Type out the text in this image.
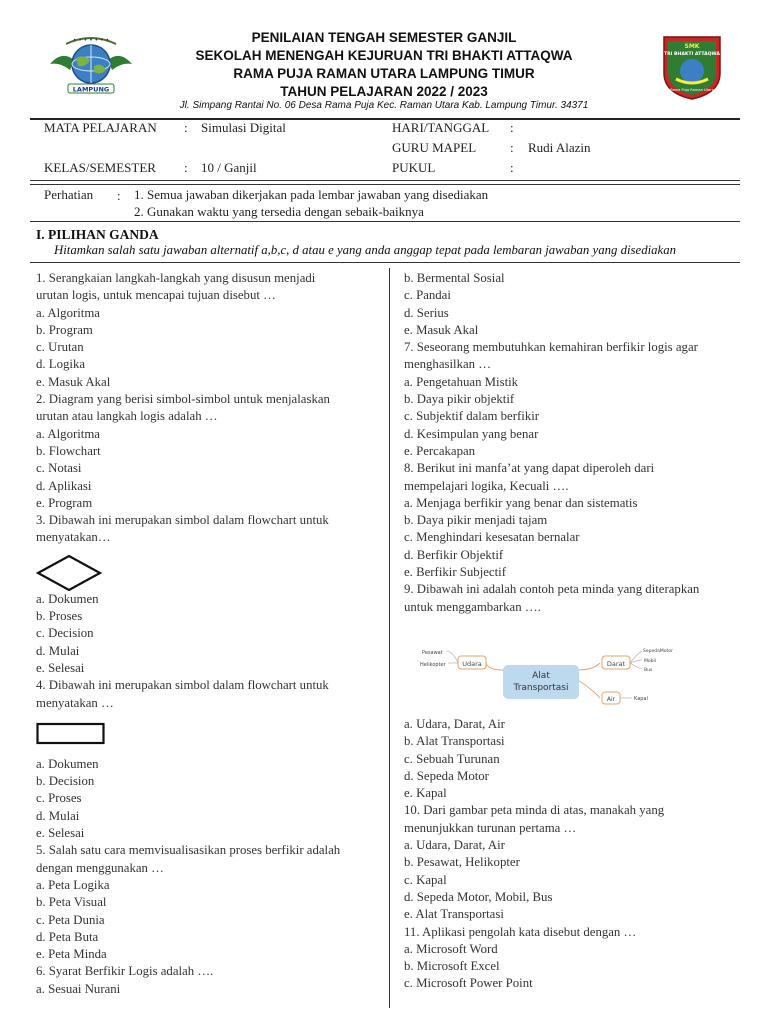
• • • • • • •
LAMPUNG
SMK
TRI BHAKTI ATTAQWA
Rama Puja Raman Utara
PENILAIAN TENGAH SEMESTER GANJIL
SEKOLAH MENENGAH KEJURUAN TRI BHAKTI ATTAQWA
RAMA PUJA RAMAN UTARA LAMPUNG TIMUR
TAHUN PELAJARAN 2022 / 2023
Jl. Simpang Rantai No. 06 Desa Rama Puja Kec. Raman Utara Kab. Lampung Timur. 34371
MATA PELAJARAN : Simulasi Digital	HARI/TANGGAL :
GURU MAPEL	: Rudi Alazin
KELAS/SEMESTER : 10 / Ganjil	PUKUL	:
Perhatian : 1. Semua jawaban dikerjakan pada lembar jawaban yang disediakan
2. Gunakan waktu yang tersedia dengan sebaik-baiknya
I. PILIHAN GANDA
Hitamkan salah satu jawaban alternatif a,b,c, d atau e yang anda anggap tepat pada lembaran jawaban yang disediakan
1. Serangkaian langkah-langkah yang disusun menjadi
urutan logis, untuk mencapai tujuan disebut …
a. Algoritma
b. Program
c. Urutan
d. Logika
e. Masuk Akal
2. Diagram yang berisi simbol-simbol untuk menjalaskan
urutan atau langkah logis adalah …
a. Algoritma
b. Flowchart
c. Notasi
d. Aplikasi
e. Program
3. Dibawah ini merupakan simbol dalam flowchart untuk
menyatakan…
a. Dokumen
b. Proses
c. Decision
d. Mulai
e. Selesai
4. Dibawah ini merupakan simbol dalam flowchart untuk
menyatakan …
a. Dokumen
b. Decision
c. Proses
d. Mulai
e. Selesai
5. Salah satu cara memvisualisasikan proses berfikir adalah
dengan menggunakan …
a. Peta Logika
b. Peta Visual
c. Peta Dunia
d. Peta Buta
e. Peta Minda
6. Syarat Berfikir Logis adalah ….
a. Sesuai Nurani
b. Bermental Sosial
c. Pandai
d. Serius
e. Masuk Akal
7. Seseorang membutuhkan kemahiran berfikir logis agar
menghasilkan …
a. Pengetahuan Mistik
b. Daya pikir objektif
c. Subjektif dalam berfikir
d. Kesimpulan yang benar
e. Percakapan
8. Berikut ini manfa’at yang dapat diperoleh dari
mempelajari logika, Kecuali ….
a. Menjaga berfikir yang benar dan sistematis
b. Daya pikir menjadi tajam
c. Menghindari kesesatan bernalar
d. Berfikir Objektif
e. Berfikir Subjectif
9. Dibawah ini adalah contoh peta minda yang diterapkan
untuk menggambarkan ….
Alat
Transportasi
Udara	Darat
Air
Pesawat
Helikopter
SepedaMotor
Mobil
Bus
Kapal
a. Udara, Darat, Air
b. Alat Transportasi
c. Sebuah Turunan
d. Sepeda Motor
e. Kapal
10. Dari gambar peta minda di atas, manakah yang
menunjukkan turunan pertama …
a. Udara, Darat, Air
b. Pesawat, Helikopter
c. Kapal
d. Sepeda Motor, Mobil, Bus
e. Alat Transportasi
11. Aplikasi pengolah kata disebut dengan …
a. Microsoft Word
b. Microsoft Excel
c. Microsoft Power Point
